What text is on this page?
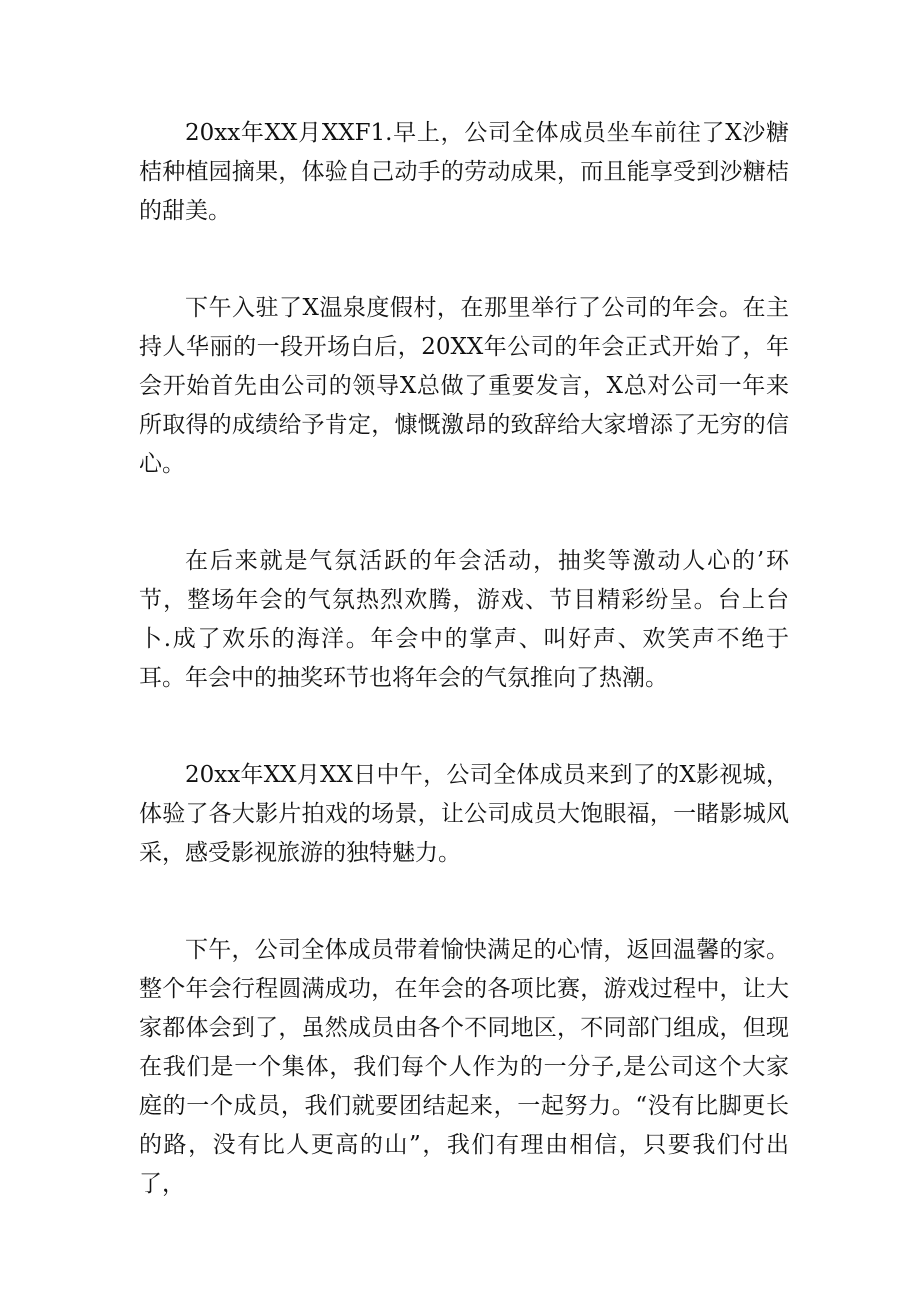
20xx年XX月XXF1.早上，公司全体成员坐车前往了X沙糖桔种植园摘果，体验自己动手的劳动成果，而且能享受到沙糖桔的甜美。

下午入驻了X温泉度假村，在那里举行了公司的年会。在主持人华丽的一段开场白后，20XX年公司的年会正式开始了，年会开始首先由公司的领导X总做了重要发言，X总对公司一年来所取得的成绩给予肯定，慷慨激昂的致辞给大家增添了无穷的信心。

在后来就是气氛活跃的年会活动，抽奖等激动人心的’环节，整场年会的气氛热烈欢腾，游戏、节目精彩纷呈。台上台卜.成了欢乐的海洋。年会中的掌声、叫好声、欢笑声不绝于耳。年会中的抽奖环节也将年会的气氛推向了热潮。

20xx年XX月XX日中午，公司全体成员来到了的X影视城，体验了各大影片拍戏的场景，让公司成员大饱眼福，一睹影城风采，感受影视旅游的独特魅力。

下午，公司全体成员带着愉快满足的心情，返回温馨的家。整个年会行程圆满成功，在年会的各项比赛，游戏过程中，让大家都体会到了，虽然成员由各个不同地区，不同部门组成，但现在我们是一个集体，我们每个人作为的一分子,是公司这个大家庭的一个成员，我们就要团结起来，一起努力。“没有比脚更长的路，没有比人更高的山”，我们有理由相信，只要我们付出了，
